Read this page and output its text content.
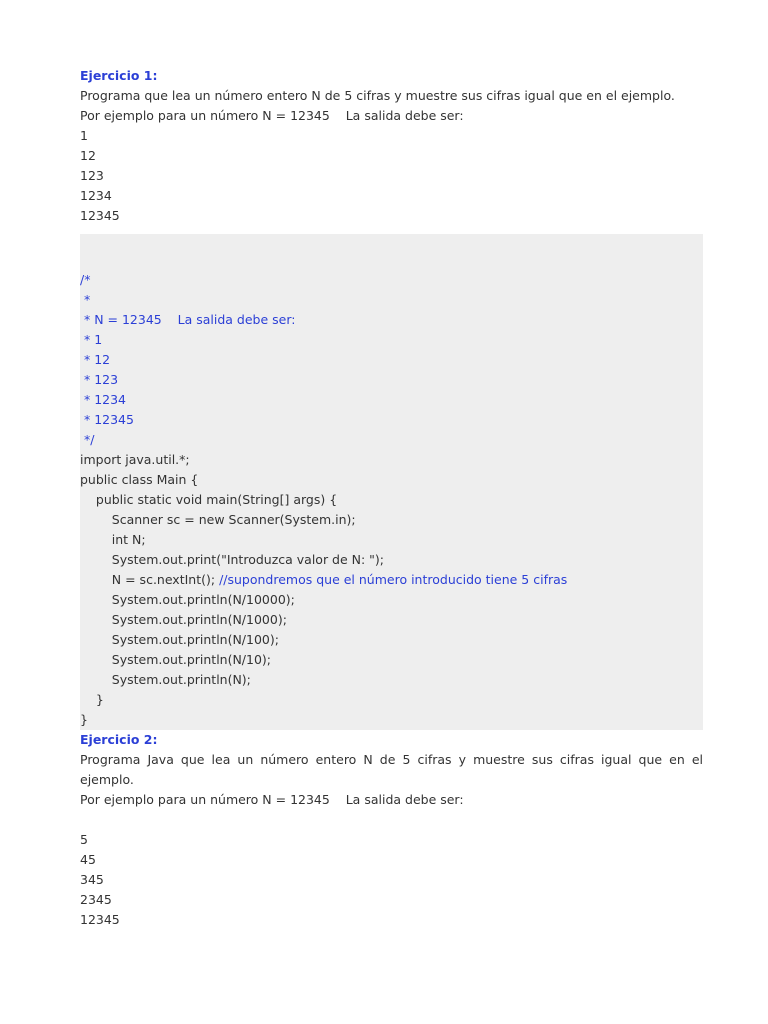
Ejercicio 1:
Programa que lea un número entero N de 5 cifras y muestre sus cifras igual que en el ejemplo.
Por ejemplo para un número N = 12345    La salida debe ser:
1
12
123
1234
12345
/*
*
* N = 12345    La salida debe ser:
* 1
* 12
* 123
* 1234
* 12345
*/
import java.util.*;
public class Main {
public static void main(String[] args) {
Scanner sc = new Scanner(System.in);
int N;
System.out.print("Introduzca valor de N: ");
N = sc.nextInt(); //supondremos que el número introducido tiene 5 cifras
System.out.println(N/10000);
System.out.println(N/1000);
System.out.println(N/100);
System.out.println(N/10);
System.out.println(N);
}
}
Ejercicio 2:
Programa Java que lea un número entero N de 5 cifras y muestre sus cifras igual que en el ejemplo.
Por ejemplo para un número N = 12345    La salida debe ser:
5
45
345
2345
12345
